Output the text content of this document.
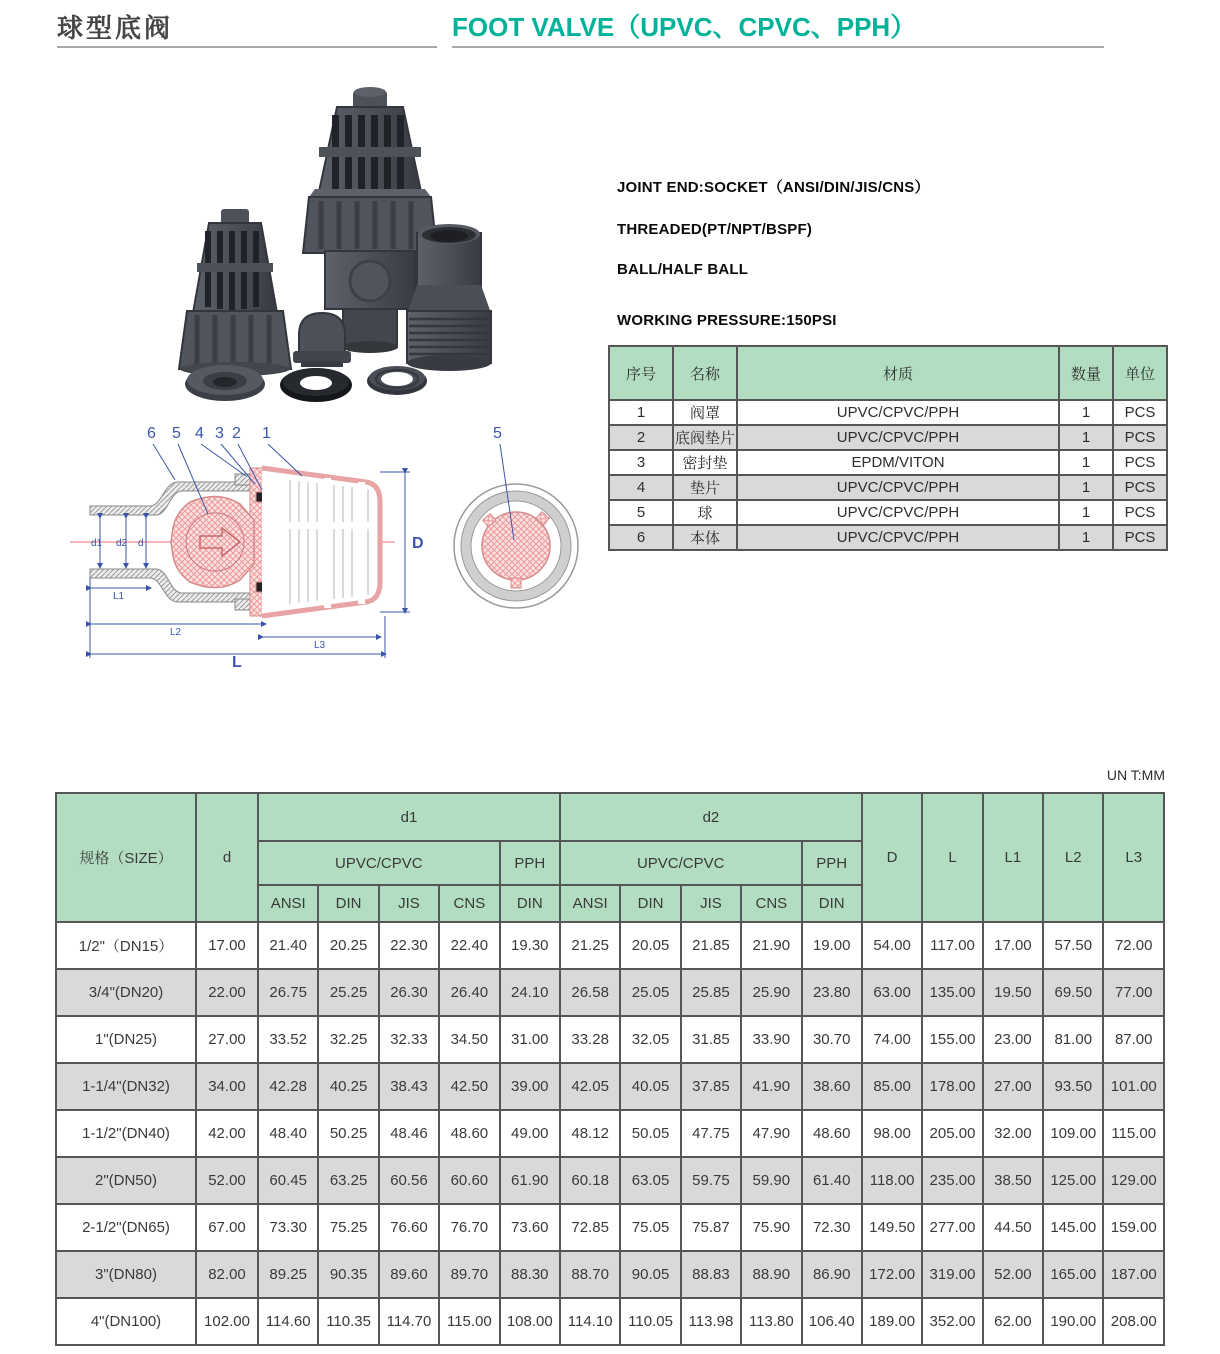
球型底阀	FOOT VALVE（UPVC、CPVC、PPH）
6 5 4 3 2 1
d1 d2 d
L1
L2
L3
L
D
5
JOINT END:SOCKET（ANSI/DIN/JIS/CNS）
THREADED(PT/NPT/BSPF)
BALL/HALF BALL
WORKING PRESSURE:150PSI
序号	名称	材质	数量	单位
1	阀罩	UPVC/CPVC/PPH	1	PCS
2	底阀垫片	UPVC/CPVC/PPH	1	PCS
3	密封垫	EPDM/VITON	1	PCS
4	垫片	UPVC/CPVC/PPH	1	PCS
5	球	UPVC/CPVC/PPH	1	PCS
6	本体	UPVC/CPVC/PPH	1	PCS
UN T:MM
规格（SIZE）	d	d1					d2					D	L	L1	L2	L3
		UPVC/CPVC				PPH	UPVC/CPVC				PPH					
		ANSI	DIN	JIS	CNS	DIN	ANSI	DIN	JIS	CNS	DIN					
1/2"（DN15）	17.00	21.40	20.25	22.30	22.40	19.30	21.25	20.05	21.85	21.90	19.00	54.00	117.00	17.00	57.50	72.00
3/4"(DN20)	22.00	26.75	25.25	26.30	26.40	24.10	26.58	25.05	25.85	25.90	23.80	63.00	135.00	19.50	69.50	77.00
1"(DN25)	27.00	33.52	32.25	32.33	34.50	31.00	33.28	32.05	31.85	33.90	30.70	74.00	155.00	23.00	81.00	87.00
1-1/4"(DN32)	34.00	42.28	40.25	38.43	42.50	39.00	42.05	40.05	37.85	41.90	38.60	85.00	178.00	27.00	93.50	101.00
1-1/2"(DN40)	42.00	48.40	50.25	48.46	48.60	49.00	48.12	50.05	47.75	47.90	48.60	98.00	205.00	32.00	109.00	115.00
2"(DN50)	52.00	60.45	63.25	60.56	60.60	61.90	60.18	63.05	59.75	59.90	61.40	118.00	235.00	38.50	125.00	129.00
2-1/2"(DN65)	67.00	73.30	75.25	76.60	76.70	73.60	72.85	75.05	75.87	75.90	72.30	149.50	277.00	44.50	145.00	159.00
3"(DN80)	82.00	89.25	90.35	89.60	89.70	88.30	88.70	90.05	88.83	88.90	86.90	172.00	319.00	52.00	165.00	187.00
4"(DN100)	102.00	114.60	110.35	114.70	115.00	108.00	114.10	110.05	113.98	113.80	106.40	189.00	352.00	62.00	190.00	208.00
